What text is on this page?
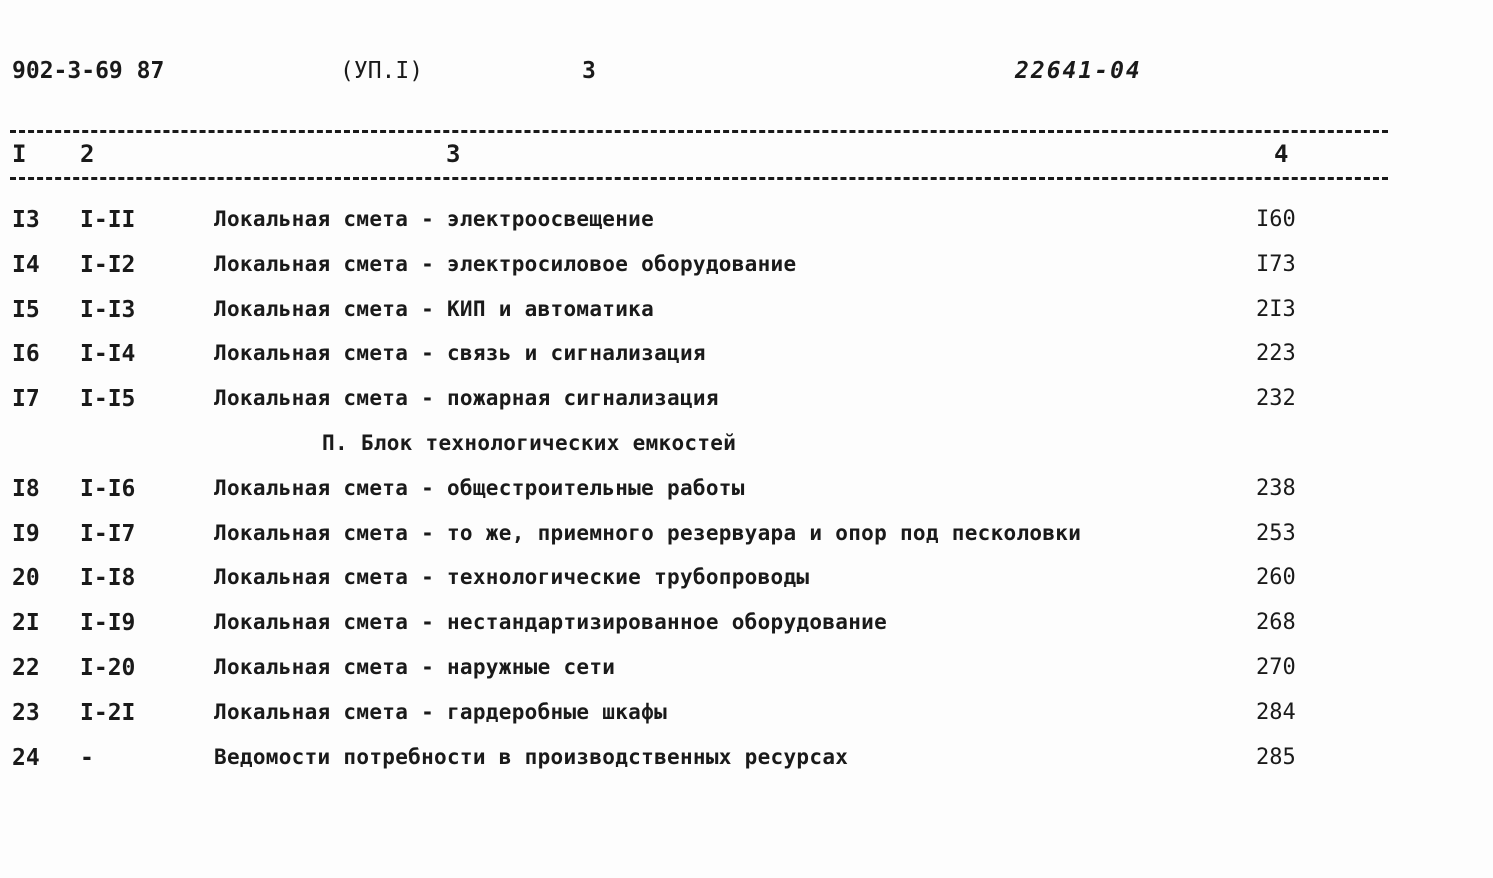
902-3-69 87	(УП.I)	3	22641-04
I 2	3	4
I3 I-II	Локальная смета - электроосвещение	I60
I4 I-I2	Локальная смета - электросиловое оборудование	I73
I5 I-I3	Локальная смета - КИП и автоматика	2I3
I6 I-I4	Локальная смета - связь и сигнализация	223
I7 I-I5	Локальная смета - пожарная сигнализация	232
П. Блок технологических емкостей
I8 I-I6	Локальная смета - общестроительные работы	238
I9 I-I7	Локальная смета - то же, приемного резервуара и опор под песколовки	253
20 I-I8	Локальная смета - технологические трубопроводы	260
2I I-I9	Локальная смета - нестандартизированное оборудование	268
22 I-20	Локальная смета - наружные сети	270
23 I-2I	Локальная смета - гардеробные шкафы	284
24 -	Ведомости потребности в производственных ресурсах	285
